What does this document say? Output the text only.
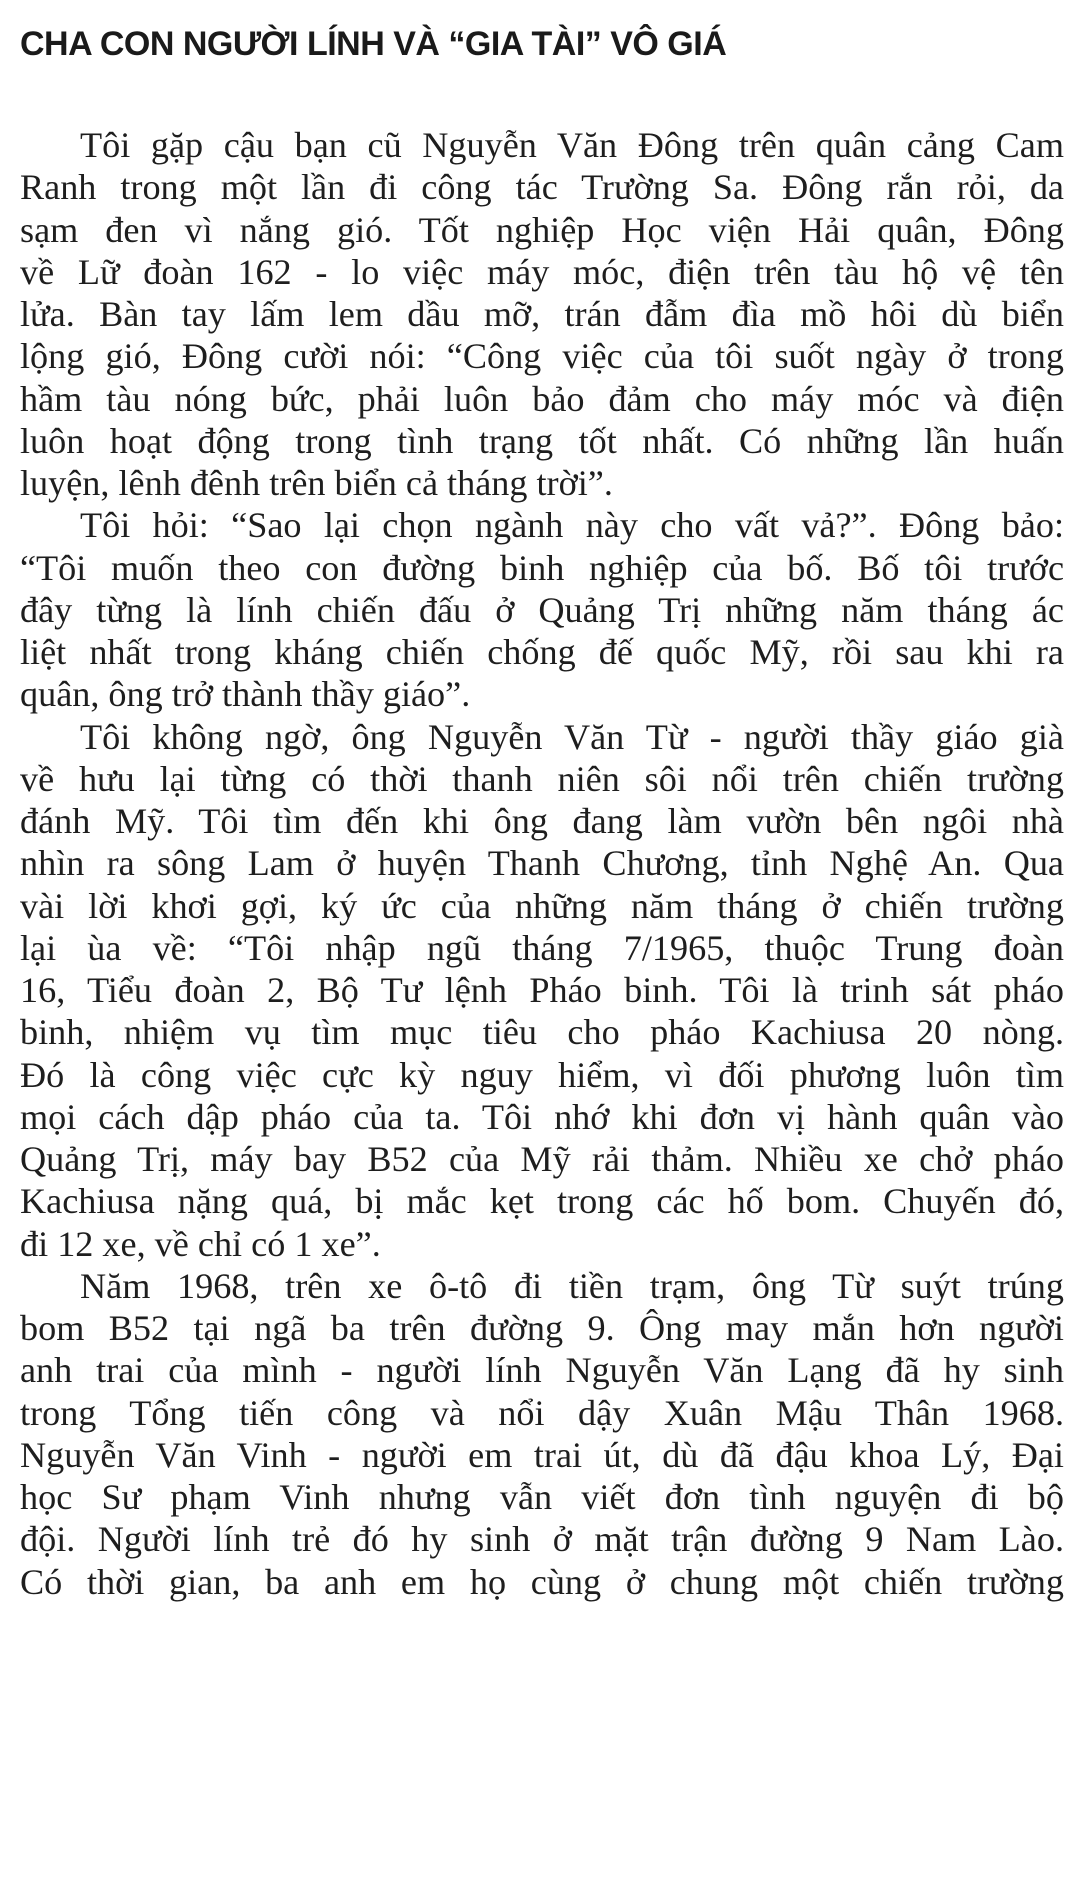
CHA CON NGƯỜI LÍNH VÀ “GIA TÀI” VÔ GIÁ
Tôi gặp cậu bạn cũ Nguyễn Văn Đông trên quân cảng Cam
Ranh trong một lần đi công tác Trường Sa. Đông rắn rỏi, da
sạm đen vì nắng gió. Tốt nghiệp Học viện Hải quân, Đông
về Lữ đoàn 162 - lo việc máy móc, điện trên tàu hộ vệ tên
lửa. Bàn tay lấm lem dầu mỡ, trán đẫm đìa mồ hôi dù biển
lộng gió, Đông cười nói: “Công việc của tôi suốt ngày ở trong
hầm tàu nóng bức, phải luôn bảo đảm cho máy móc và điện
luôn hoạt động trong tình trạng tốt nhất. Có những lần huấn
luyện, lênh đênh trên biển cả tháng trời”.
Tôi hỏi: “Sao lại chọn ngành này cho vất vả?”. Đông bảo:
“Tôi muốn theo con đường binh nghiệp của bố. Bố tôi trước
đây từng là lính chiến đấu ở Quảng Trị những năm tháng ác
liệt nhất trong kháng chiến chống đế quốc Mỹ, rồi sau khi ra
quân, ông trở thành thầy giáo”.
Tôi không ngờ, ông Nguyễn Văn Từ - người thầy giáo già
về hưu lại từng có thời thanh niên sôi nổi trên chiến trường
đánh Mỹ. Tôi tìm đến khi ông đang làm vườn bên ngôi nhà
nhìn ra sông Lam ở huyện Thanh Chương, tỉnh Nghệ An. Qua
vài lời khơi gợi, ký ức của những năm tháng ở chiến trường
lại ùa về: “Tôi nhập ngũ tháng 7/1965, thuộc Trung đoàn
16, Tiểu đoàn 2, Bộ Tư lệnh Pháo binh. Tôi là trinh sát pháo
binh, nhiệm vụ tìm mục tiêu cho pháo Kachiusa 20 nòng.
Đó là công việc cực kỳ nguy hiểm, vì đối phương luôn tìm
mọi cách dập pháo của ta. Tôi nhớ khi đơn vị hành quân vào
Quảng Trị, máy bay B52 của Mỹ rải thảm. Nhiều xe chở pháo
Kachiusa nặng quá, bị mắc kẹt trong các hố bom. Chuyến đó,
đi 12 xe, về chỉ có 1 xe”.
Năm 1968, trên xe ô-tô đi tiền trạm, ông Từ suýt trúng
bom B52 tại ngã ba trên đường 9. Ông may mắn hơn người
anh trai của mình - người lính Nguyễn Văn Lạng đã hy sinh
trong Tổng tiến công và nổi dậy Xuân Mậu Thân 1968.
Nguyễn Văn Vinh - người em trai út, dù đã đậu khoa Lý, Đại
học Sư phạm Vinh nhưng vẫn viết đơn tình nguyện đi bộ
đội. Người lính trẻ đó hy sinh ở mặt trận đường 9 Nam Lào.
Có thời gian, ba anh em họ cùng ở chung một chiến trường
